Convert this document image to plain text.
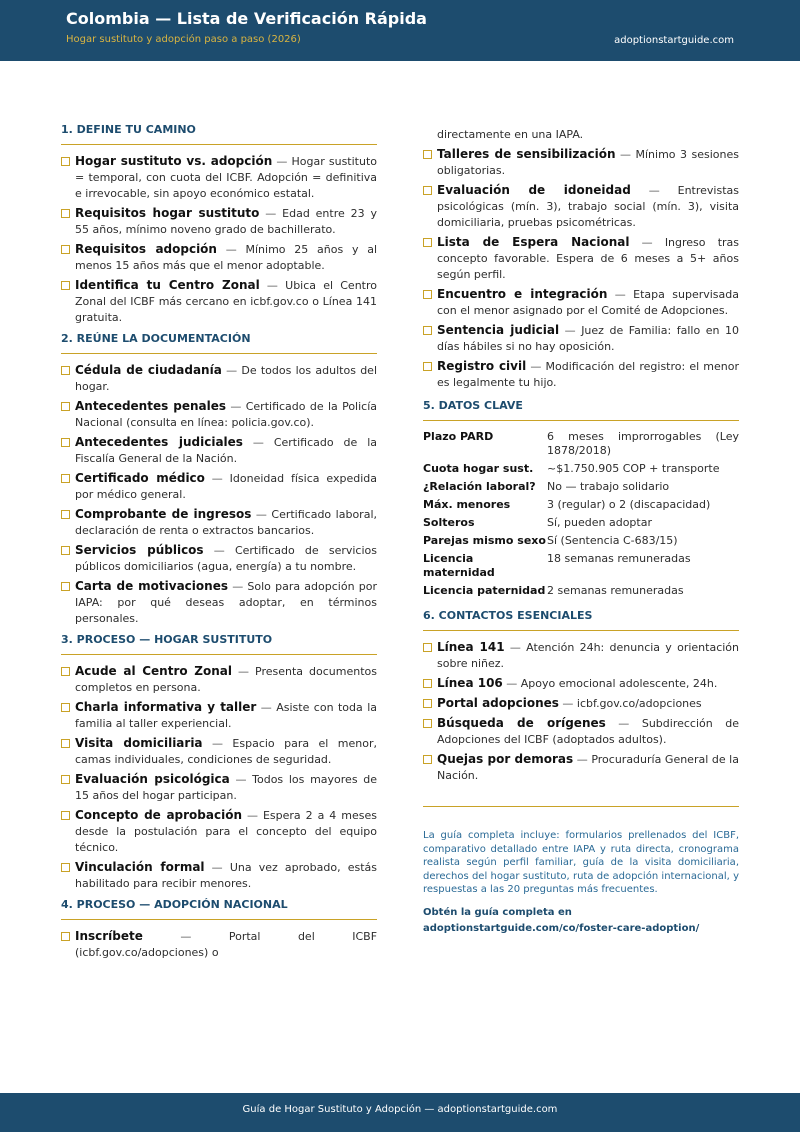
Colombia — Lista de Verificación Rápida
Hogar sustituto y adopción paso a paso (2026)	adoptionstartguide.com
1. DEFINE TU CAMINO
Hogar sustituto vs. adopción — Hogar sustituto = temporal, con cuota del ICBF. Adopción = definitiva e irrevocable, sin apoyo económico estatal.
Requisitos hogar sustituto — Edad entre 23 y 55 años, mínimo noveno grado de bachillerato.
Requisitos adopción — Mínimo 25 años y al menos 15 años más que el menor adoptable.
Identifica tu Centro Zonal — Ubica el Centro Zonal del ICBF más cercano en icbf.gov.co o Línea 141 gratuita.
2. REÚNE LA DOCUMENTACIÓN
Cédula de ciudadanía — De todos los adultos del hogar.
Antecedentes penales — Certificado de la Policía Nacional (consulta en línea: policia.gov.co).
Antecedentes judiciales — Certificado de la Fiscalía General de la Nación.
Certificado médico — Idoneidad física expedida por médico general.
Comprobante de ingresos — Certificado laboral, declaración de renta o extractos bancarios.
Servicios públicos — Certificado de servicios públicos domiciliarios (agua, energía) a tu nombre.
Carta de motivaciones — Solo para adopción por IAPA: por qué deseas adoptar, en términos personales.
3. PROCESO — HOGAR SUSTITUTO
Acude al Centro Zonal — Presenta documentos completos en persona.
Charla informativa y taller — Asiste con toda la familia al taller experiencial.
Visita domiciliaria — Espacio para el menor, camas individuales, condiciones de seguridad.
Evaluación psicológica — Todos los mayores de 15 años del hogar participan.
Concepto de aprobación — Espera 2 a 4 meses desde la postulación para el concepto del equipo técnico.
Vinculación formal — Una vez aprobado, estás habilitado para recibir menores.
4. PROCESO — ADOPCIÓN NACIONAL
Inscríbete	— Portal del ICBF (icbf.gov.co/adopciones) o
directamente en una IAPA.
Talleres de sensibilización — Mínimo 3 sesiones obligatorias.
Evaluación de idoneidad — Entrevistas psicológicas (mín. 3), trabajo social (mín. 3), visita domiciliaria, pruebas psicométricas.
Lista de Espera Nacional — Ingreso tras concepto favorable. Espera de 6 meses a 5+ años según perfil.
Encuentro e integración — Etapa supervisada con el menor asignado por el Comité de Adopciones.
Sentencia judicial — Juez de Familia: fallo en 10 días hábiles si no hay oposición.
Registro civil — Modificación del registro: el menor es legalmente tu hijo.
5. DATOS CLAVE
Plazo PARD	6 meses improrrogables (Ley 1878/2018)
Cuota hogar sust.	~$1.750.905 COP + transporte
¿Relación laboral?	No — trabajo solidario
Máx. menores	3 (regular) o 2 (discapacidad)
Solteros	Sí, pueden adoptar
Parejas mismo sexo	Sí (Sentencia C-683/15)
Licencia maternidad	18 semanas remuneradas
Licencia paternidad	2 semanas remuneradas
6. CONTACTOS ESENCIALES
Línea 141 — Atención 24h: denuncia y orientación sobre niñez.
Línea 106 — Apoyo emocional adolescente, 24h.
Portal adopciones — icbf.gov.co/adopciones
Búsqueda de orígenes — Subdirección de Adopciones del ICBF (adoptados adultos).
Quejas por demoras — Procuraduría General de la Nación.
La guía completa incluye: formularios prellenados del ICBF, comparativo detallado entre IAPA y ruta directa, cronograma realista según perfil familiar, guía de la visita domiciliaria, derechos del hogar sustituto, ruta de adopción internacional, y respuestas a las 20 preguntas más frecuentes.
Obtén la guía completa en
adoptionstartguide.com/co/foster-care-adoption/
Guía de Hogar Sustituto y Adopción — adoptionstartguide.com
